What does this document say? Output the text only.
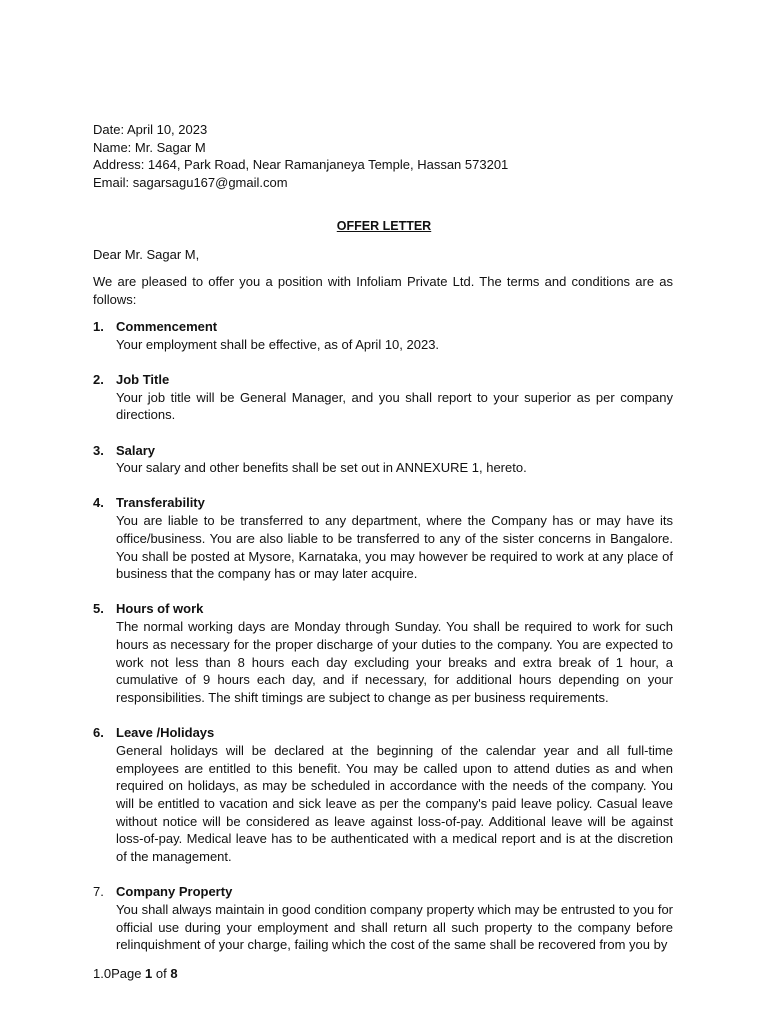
Date: April 10, 2023
Name: Mr. Sagar M
Address: 1464, Park Road, Near Ramanjaneya Temple, Hassan 573201
Email: sagarsagu167@gmail.com
OFFER LETTER
Dear Mr. Sagar M,
We are pleased to offer you a position with Infoliam Private Ltd. The terms and conditions are as follows:
1. Commencement
Your employment shall be effective, as of April 10, 2023.
2. Job Title
Your job title will be General Manager, and you shall report to your superior as per company directions.
3. Salary
Your salary and other benefits shall be set out in ANNEXURE 1, hereto.
4. Transferability
You are liable to be transferred to any department, where the Company has or may have its office/business. You are also liable to be transferred to any of the sister concerns in Bangalore. You shall be posted at Mysore, Karnataka, you may however be required to work at any place of business that the company has or may later acquire.
5. Hours of work
The normal working days are Monday through Sunday. You shall be required to work for such hours as necessary for the proper discharge of your duties to the company. You are expected to work not less than 8 hours each day excluding your breaks and extra break of 1 hour, a cumulative of 9 hours each day, and if necessary, for additional hours depending on your responsibilities. The shift timings are subject to change as per business requirements.
6. Leave /Holidays
General holidays will be declared at the beginning of the calendar year and all full-time employees are entitled to this benefit. You may be called upon to attend duties as and when required on holidays, as may be scheduled in accordance with the needs of the company. You will be entitled to vacation and sick leave as per the company's paid leave policy. Casual leave without notice will be considered as leave against loss-of-pay. Additional leave will be against loss-of-pay. Medical leave has to be authenticated with a medical report and is at the discretion of the management.
7. Company Property
You shall always maintain in good condition company property which may be entrusted to you for official use during your employment and shall return all such property to the company before relinquishment of your charge, failing which the cost of the same shall be recovered from you by
1.0Page 1 of 8
